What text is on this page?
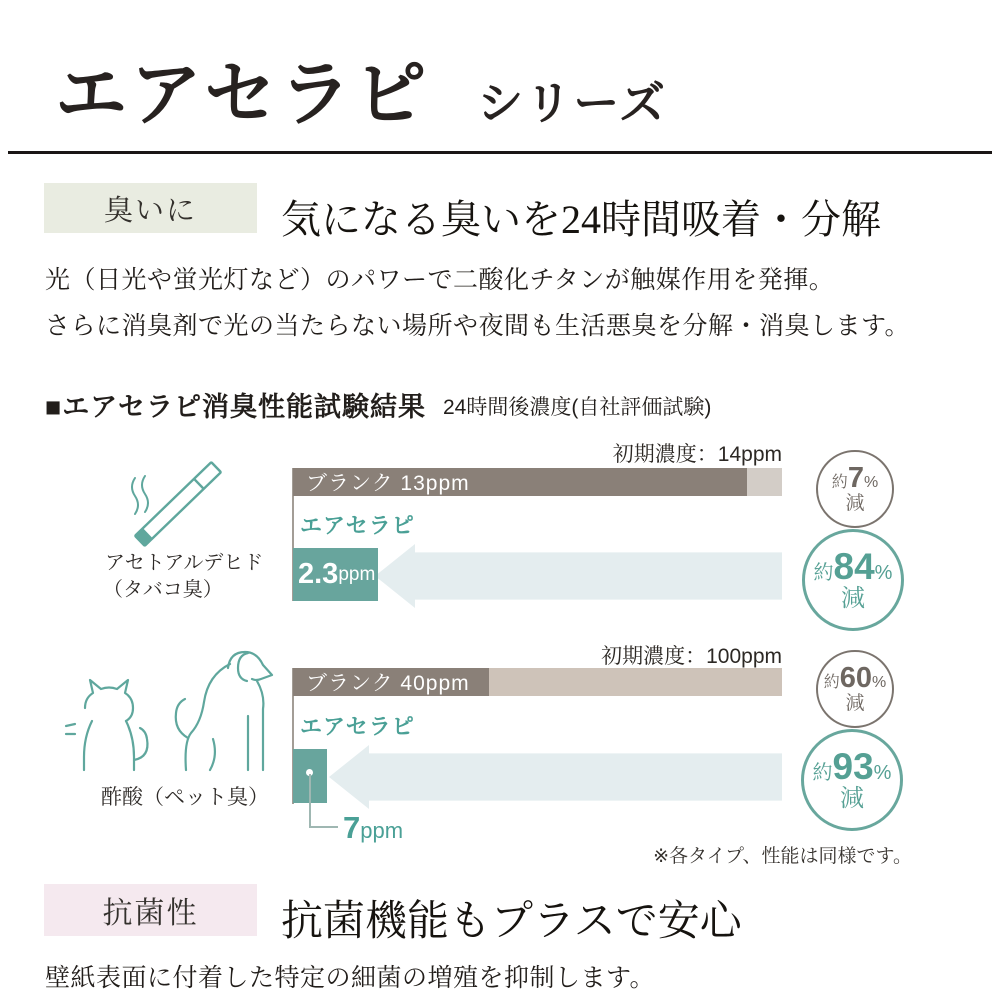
エアセラピ シリーズ
臭いに	気になる臭いを24時間吸着・分解
光（日光や蛍光灯など）のパワーで二酸化チタンが触媒作用を発揮。
さらに消臭剤で光の当たらない場所や夜間も生活悪臭を分解・消臭します。
■エアセラピ消臭性能試験結果 24時間後濃度(自社評価試験)
初期濃度：14ppm
ブランク 13ppm
エアセラピ
2.3 ppm
アセトアルデヒド
（タバコ臭）
約 7 %
減
約 84 %
減
初期濃度：100ppm
ブランク 40ppm
エアセラピ
7 ppm
酢酸（ペット臭）
約 60 %
減
約 93 %
減
※各タイプ、性能は同様です。
抗菌性	抗菌機能もプラスで安心
壁紙表面に付着した特定の細菌の増殖を抑制します。
